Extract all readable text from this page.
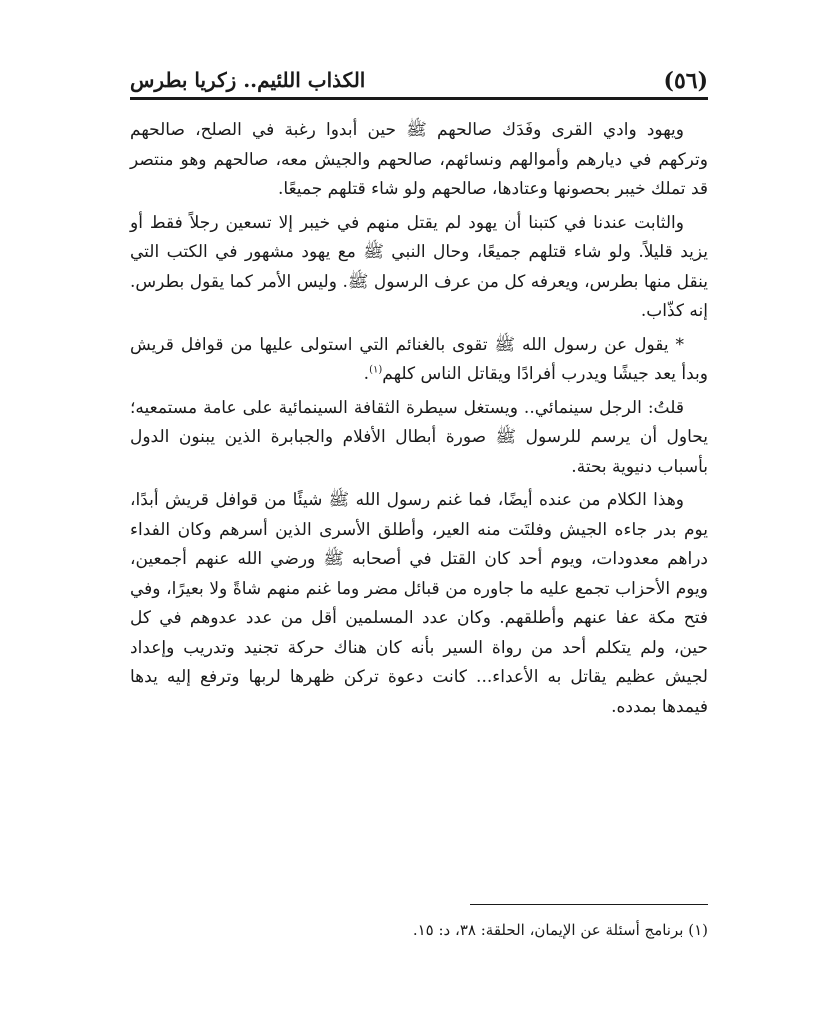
(٥٦)
الكذاب اللئيم.. زكريا بطرس

ويهود وادي القرى وفَدَك صالحهم ﷺ حين أبدوا رغبة في الصلح، صالحهم وتركهم في ديارهم وأموالهم ونسائهم، صالحهم والجيش معه، صالحهم وهو منتصر قد تملك خيبر بحصونها وعتادها، صالحهم ولو شاء قتلهم جميعًا.

والثابت عندنا في كتبنا أن يهود لم يقتل منهم في خيبر إلا تسعين رجلاً فقط أو يزيد قليلاً. ولو شاء قتلهم جميعًا، وحال النبي ﷺ مع يهود مشهور في الكتب التي ينقل منها بطرس، ويعرفه كل من عرف الرسول ﷺ. وليس الأمر كما يقول بطرس. إنه كذّاب.

* يقول عن رسول الله ﷺ تقوى بالغنائم التي استولى عليها من قوافل قريش وبدأ يعد جيشًا ويدرب أفرادًا ويقاتل الناس كلهم$^{(١)}$.

قلتُ: الرجل سينمائي.. ويستغل سيطرة الثقافة السينمائية على عامة مستمعيه؛ يحاول أن يرسم للرسول ﷺ صورة أبطال الأفلام والجبابرة الذين يبنون الدول بأسباب دنيوية بحتة.

وهذا الكلام من عنده أيضًا، فما غنم رسول الله ﷺ شيئًا من قوافل قريش أبدًا، يوم بدر جاءه الجيش وفلتَت منه العير، وأطلق الأسرى الذين أسرهم وكان الفداء دراهم معدودات، ويوم أحد كان القتل في أصحابه ﷺ ورضي الله عنهم أجمعين، ويوم الأحزاب تجمع عليه ما جاوره من قبائل مضر وما غنم منهم شاةً ولا بعيرًا، وفي فتح مكة عفا عنهم وأطلقهم. وكان عدد المسلمين أقل من عدد عدوهم في كل حين، ولم يتكلم أحد من رواة السير بأنه كان هناك حركة تجنيد وتدريب وإعداد لجيش عظيم يقاتل به الأعداء... كانت دعوة تركن ظهرها لربها وترفع إليه يدها فيمدها بمدده.

(١) برنامج أسئلة عن الإيمان، الحلقة: ٣٨، د: ١٥.
